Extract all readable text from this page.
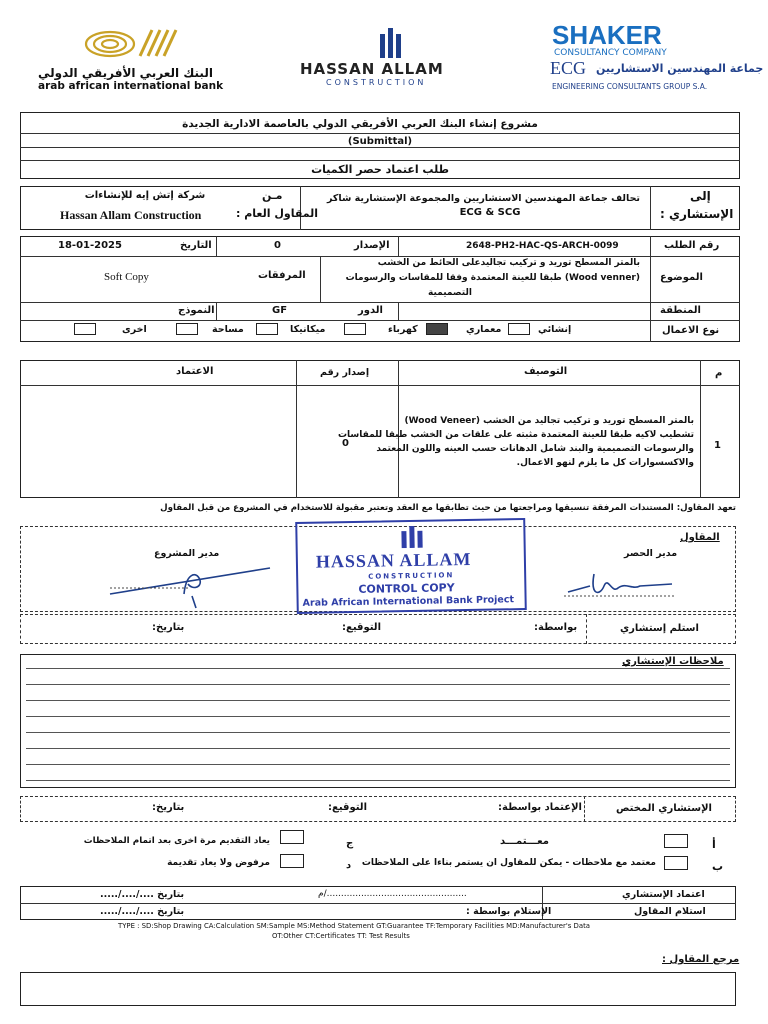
البنك العربي الأفريقي الدولي
arab african international bank
HASSAN ALLAM
CONSTRUCTION
SHAKER
CONSULTANCY COMPANY
ECG جماعة المهندسين الاستشاريين
ENGINEERING CONSULTANTS GROUP S.A.
مشروع إنشاء البنك العربي الأفريقي الدولي بالعاصمة الادارية الجديدة
(Submittal)
طلب اعتماد حصر الكميات
إلى
الإستشاري :
تحالف جماعة المهندسين الاستشاريين والمجموعة الإستشارية شاكر
ECG & SCG
مـن
المقاول العام :
شركة إتش إيه للإنشاءات
Hassan Allam Construction
رقم الطلب
2648-PH2-HAC-QS-ARCH-0099
الإصدار
0
التاريخ
18-01-2025
الموضوع
بالمتر المسطح توريد و تركيب تجاليدعلى الحائط من الخشب
(Wood venner) طبقا للعينة المعتمدة وفقا للمقاسات والرسومات
التصميمية
المرفقات
Soft Copy
المنطقة
الدور
GF
النموذج
نوع الاعمال
إنشائي
معماري
كهرباء
ميكانيكا
مساحة
اخرى
م
التوصيف
إصدار رقم
الاعتماد
1
بالمتر المسطح توريد و تركيب تجاليد من الخشب (Wood Veneer)
تشطيب لاكيه طبقا للعينة المعتمدة مثبته على علقات من الخشب طبقا للمقاسات
والرسومات التصميمية والبند شامل الدهانات حسب العينه واللون المعتمد
والاكسسوارات كل ما يلزم لنهو الاعمال.
0
تعهد المقاول: المستندات المرفقة تنسيقها ومراجعتها من حيث تطابقها مع العقد وتعتبر مقبولة للاستخدام في المشروع من قبل المقاول
المقاول
مدير الحصر
مدير المشروع	HASSAN ALLAM
CONSTRUCTION
CONTROL COPY
Arab African International Bank Project
استلم إستشاري
بواسطة:
التوقيع:
بتاريخ:
ملاحظات الإستشاري
الإستشاري المختص
الإعتماد بواسطة:
التوقيع:
بتاريخ:
أ
معـــتمـــد
ب
معتمد مع ملاحظات - يمكن للمقاول ان يستمر بناءا على الملاحظات
ج
يعاد التقديم مرة اخرى بعد اتمام الملاحظات
د
مرفوض ولا يعاد تقديمة
اعتماد الإستشاري
استلام المقاول
م/.................................................
الإستلام بواسطة :
بتاريخ ..../..../.....
بتاريخ ..../..../.....
TYPE : SD:Shop Drawing CA:Calculation SM:Sample MS:Method Statement GT:Guarantee TF:Temporary Facilities MD:Manufacturer's Data
OT:Other CT:Certificates TT: Test Results
مرجع المقاول :
